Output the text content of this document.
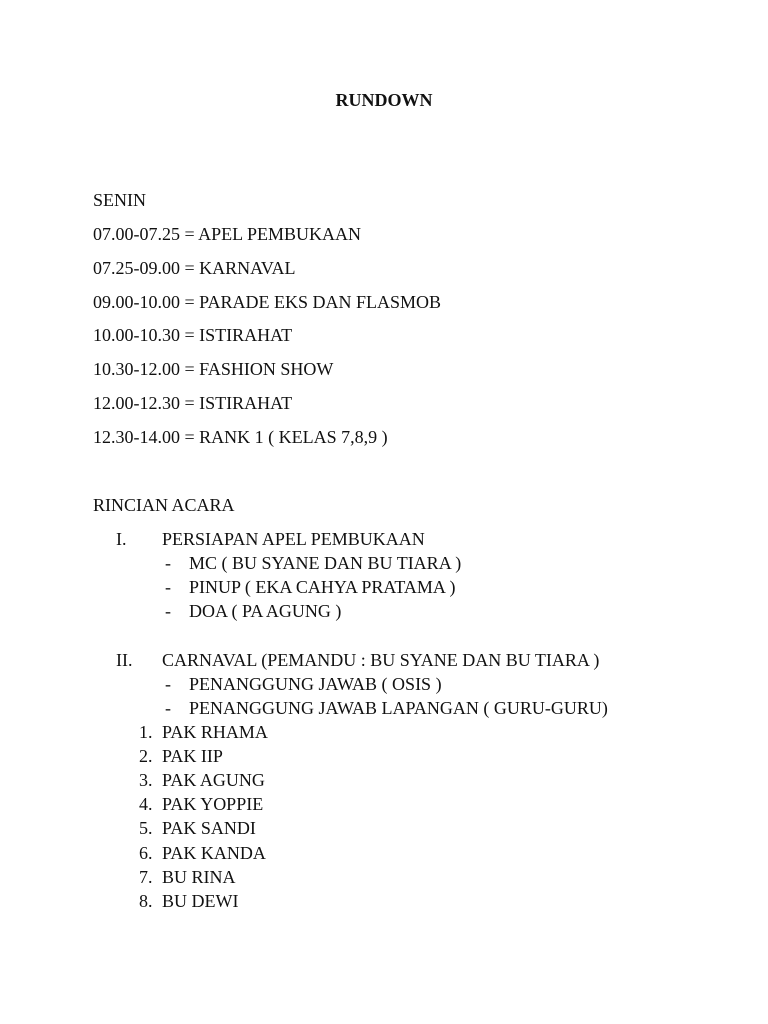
RUNDOWN
SENIN
07.00-07.25 = APEL PEMBUKAAN
07.25-09.00 = KARNAVAL
09.00-10.00 = PARADE EKS DAN FLASMOB
10.00-10.30 = ISTIRAHAT
10.30-12.00 = FASHION SHOW
12.00-12.30 = ISTIRAHAT
12.30-14.00 = RANK 1 ( KELAS 7,8,9 )
RINCIAN ACARA
I. PERSIAPAN APEL PEMBUKAAN
- MC ( BU SYANE DAN BU TIARA )
- PINUP ( EKA CAHYA PRATAMA )
- DOA ( PA AGUNG )
II. CARNAVAL (PEMANDU : BU SYANE DAN BU TIARA )
- PENANGGUNG JAWAB ( OSIS )
- PENANGGUNG JAWAB LAPANGAN ( GURU-GURU)
1. PAK RHAMA
2. PAK IIP
3. PAK AGUNG
4. PAK YOPPIE
5. PAK SANDI
6. PAK KANDA
7. BU RINA
8. BU DEWI
